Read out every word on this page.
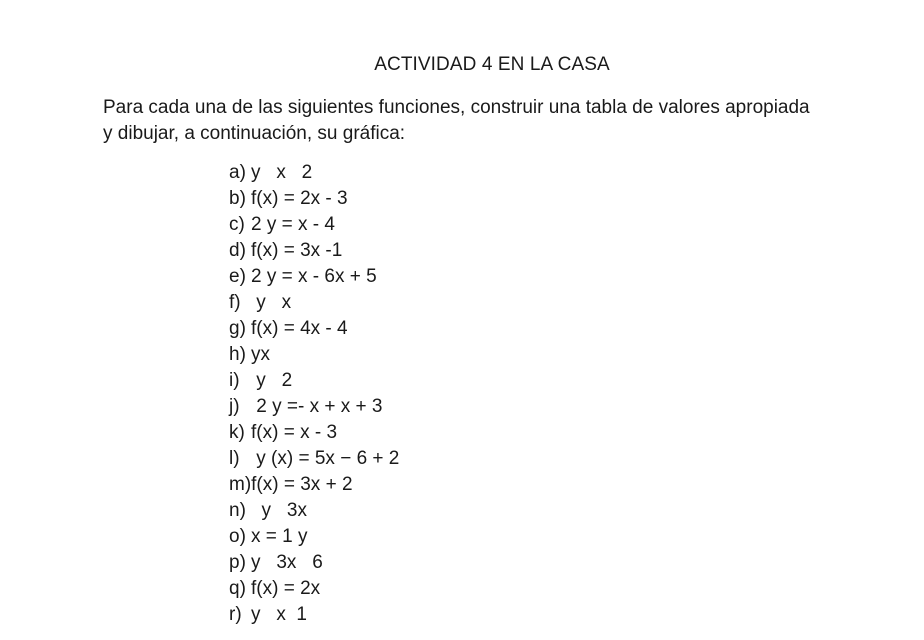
ACTIVIDAD 4 EN LA CASA
Para cada una de las siguientes funciones, construir una tabla de valores apropiada y dibujar, a continuación, su gráfica:
a) y   x   2
b) f(x) = 2x - 3
c) 2 y = x - 4
d) f(x) = 3x -1
e) 2 y = x - 6x + 5
f) y   x
g) f(x) = 4x - 4
h) yx
i) y   2
j) 2 y =- x + x + 3
k) f(x) = x - 3
l) y (x) = 5x − 6 + 2
m) f(x) = 3x + 2
n) y   3x
o) x = 1 y
p) y   3x   6
q) f(x) = 2x
r) y   x  1
